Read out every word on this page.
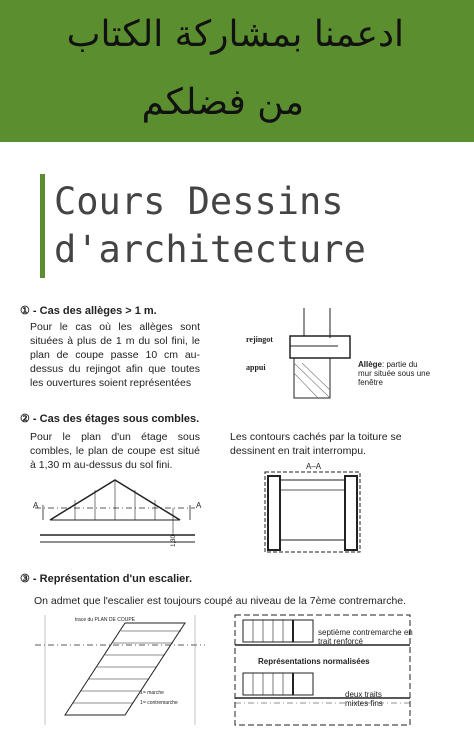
ادعمنا بمشاركة الكتاب
من فضلكم
Cours Dessins
d'architecture
① - Cas des allèges > 1 m.
Pour le cas où les allèges sont situées à plus de 1 m du sol fini, le plan de coupe passe 10 cm au-dessus du rejingot afin que toutes les ouvertures soient représentées
rejingot
appui	Allège: partie du mur située sous une fenêtre
② - Cas des étages sous combles.
Pour le plan d'un étage sous combles, le plan de coupe est situé à 1,30 m au-dessus du sol fini.
Les contours cachés par la toiture se dessinent en trait interrompu.
A	A
1,30
A–A
③ - Représentation d'un escalier.
On admet que l'escalier est toujours coupé au niveau de la 7ème contremarche.
trace du PLAN DE COUPE
1ʳᵉ marche
1ʳᵉ contremarche
septième contremarche en trait renforcé
Représentations normalisées
deux traits mixtes fins
